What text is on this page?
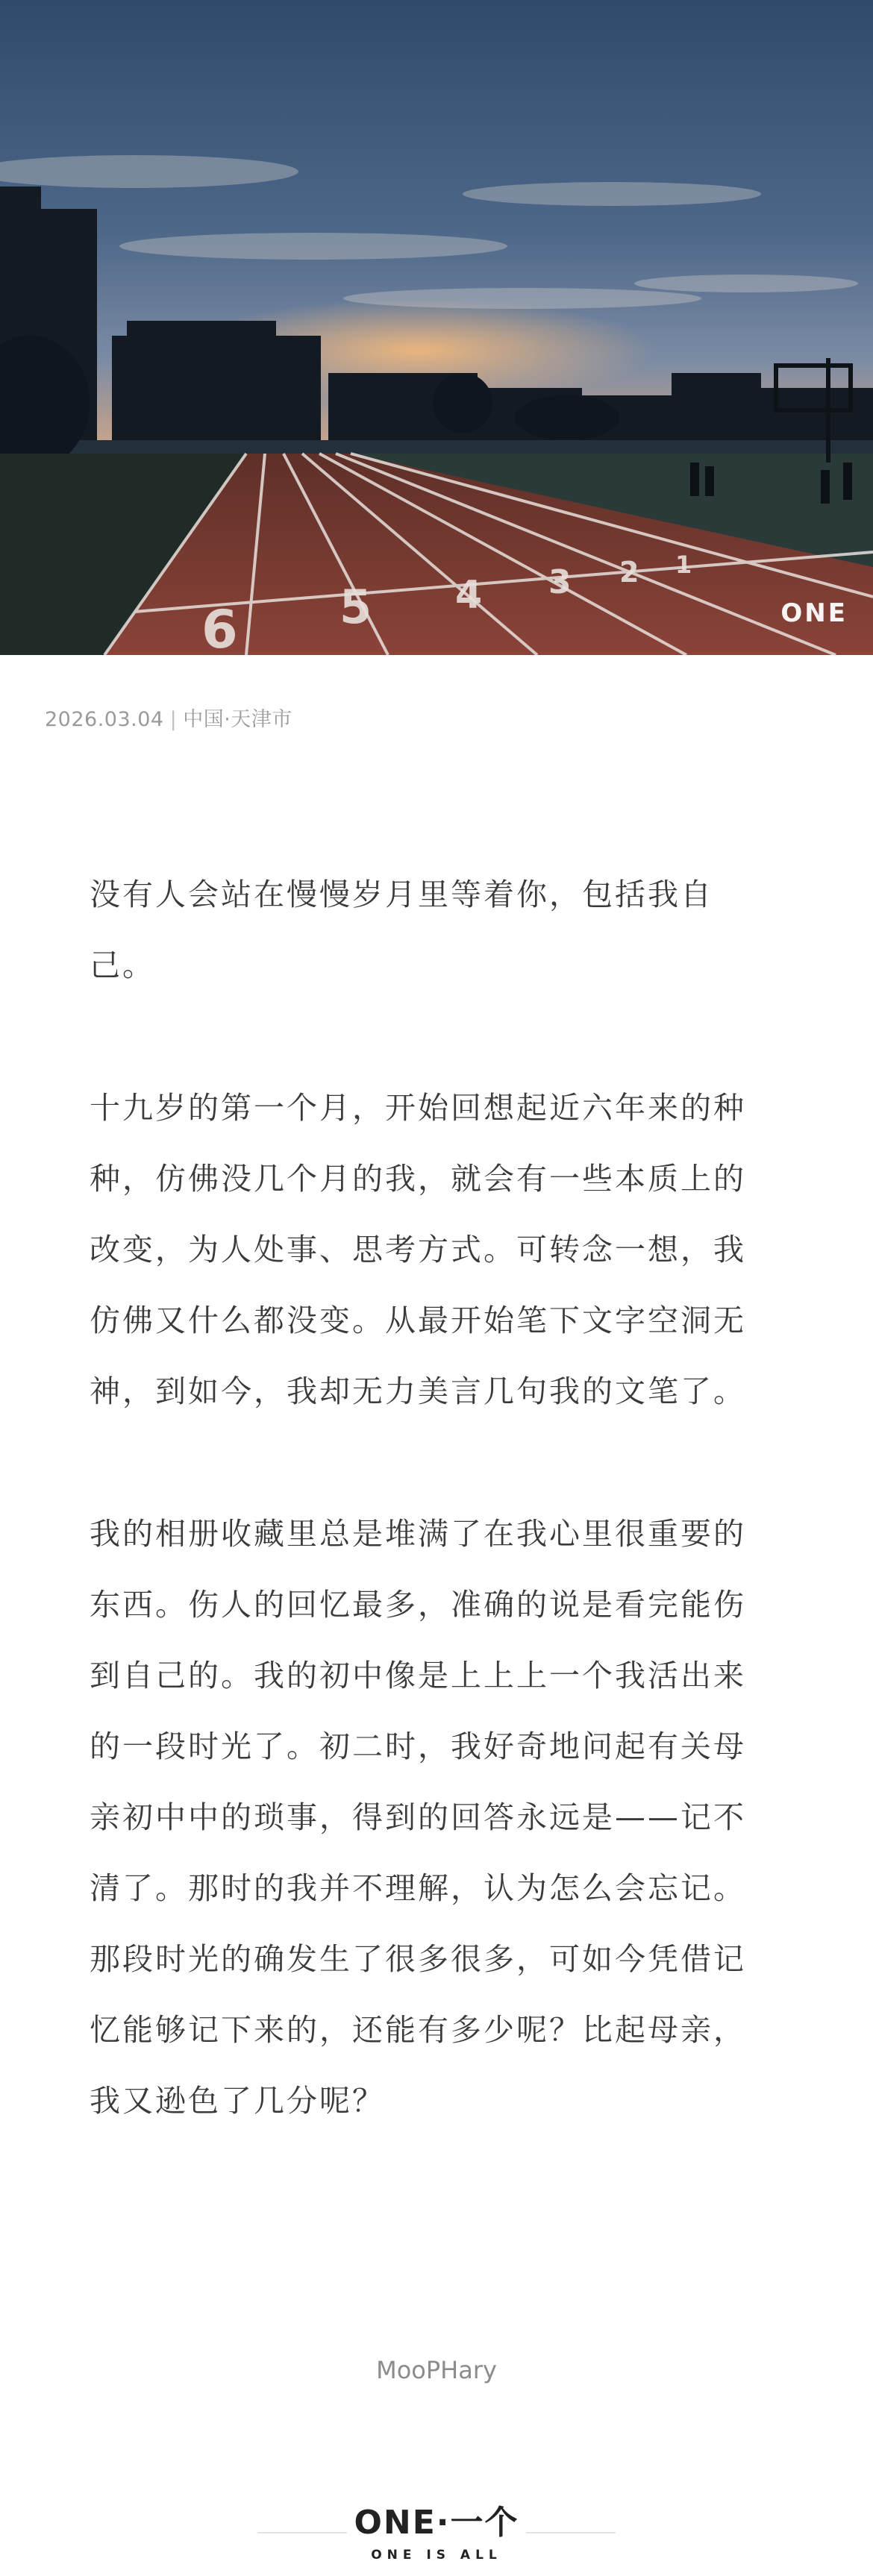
6 5 4 3 2 1
ONE
2026.03.04 | 中国·天津市

没有人会站在慢慢岁月里等着你，包括我自己。

十九岁的第一个月，开始回想起近六年来的种种，仿佛没几个月的我，就会有一些本质上的改变，为人处事、思考方式。可转念一想，我仿佛又什么都没变。从最开始笔下文字空洞无神，到如今，我却无力美言几句我的文笔了。

我的相册收藏里总是堆满了在我心里很重要的东西。伤人的回忆最多，准确的说是看完能伤到自己的。我的初中像是上上上一个我活出来的一段时光了。初二时，我好奇地问起有关母亲初中中的琐事，得到的回答永远是——记不清了。那时的我并不理解，认为怎么会忘记。那段时光的确发生了很多很多，可如今凭借记忆能够记下来的，还能有多少呢？比起母亲，我又逊色了几分呢？

MooPHary
ONE·一个
ONE IS ALL
